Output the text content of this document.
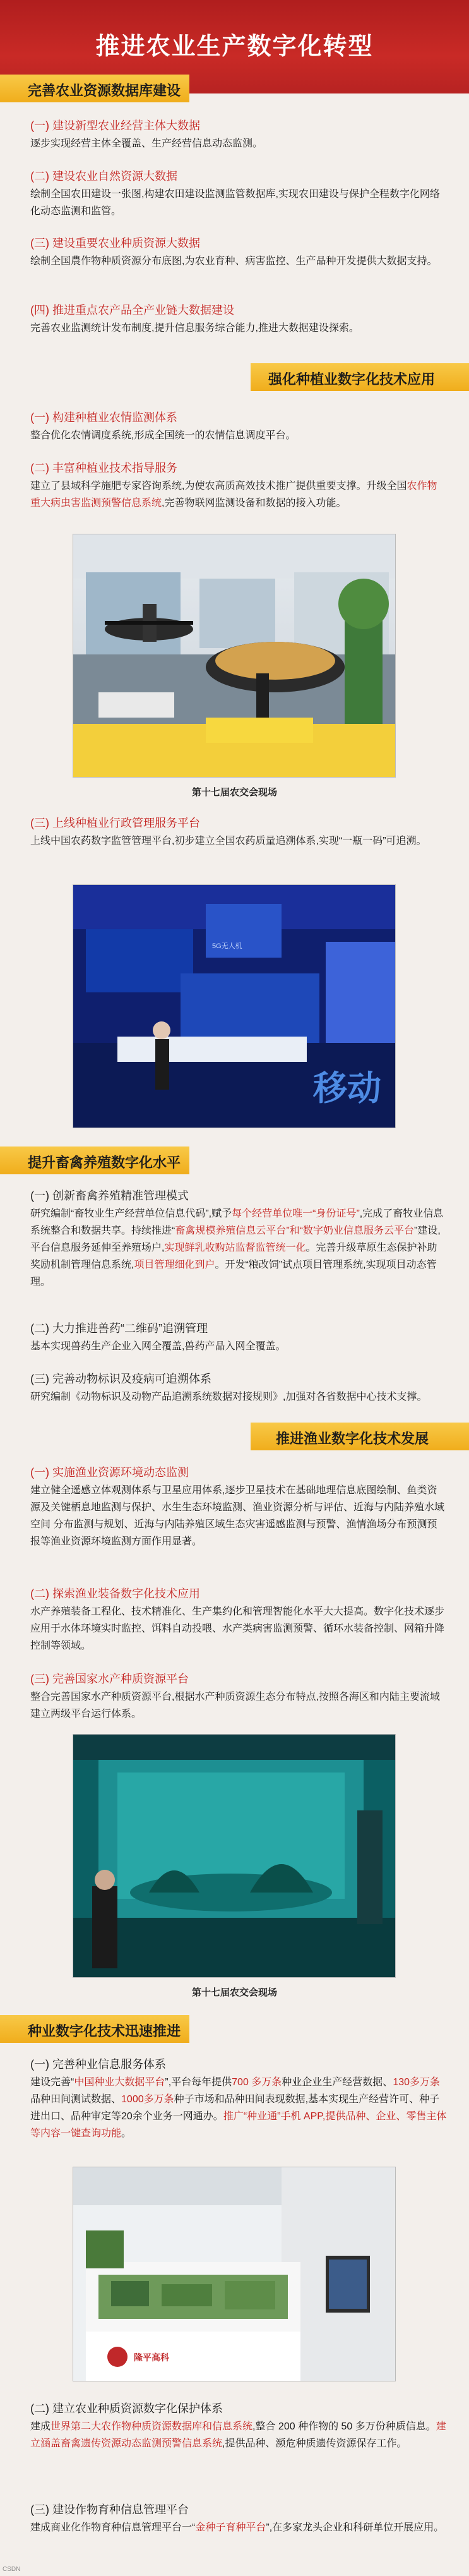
推进农业生产数字化转型
完善农业资源数据库建设
(一) 建设新型农业经营主体大数据
逐步实现经营主体全覆盖、生产经营信息动态监测。
(二) 建设农业自然资源大数据
绘制全国农田建设一张图,构建农田建设监测监管数据库,实现农田建设与保护全程数字化网络化动态监测和监管。
(三) 建设重要农业种质资源大数据
绘制全国農作物种质资源分布底图,为农业育种、病害监控、生产品种开发提供大数据支持。
(四) 推进重点农产品全产业链大数据建设
完善农业监测统计发布制度,提升信息服务综合能力,推进大数据建设探索。
强化种植业数字化技术应用
(一) 构建种植业农情监测体系
整合优化农情调度系统,形成全国统一的农情信息调度平台。
(二) 丰富种植业技术指导服务
建立了县域科学施肥专家咨询系统,为使农高质高效技术推广提供重要支撑。升级全国农作物重大病虫害监测预警信息系统,完善物联网监测设备和数据的接入功能。
第十七届农交会现场
(三) 上线种植业行政管理服务平台
上线中国农药数字监管管理平台,初步建立全国农药质量追溯体系,实现“一瓶一码”可追溯。
5G无人机
移动
提升畜禽养殖数字化水平
(一) 创新畜禽养殖精准管理模式
研究编制“畜牧业生产经营单位信息代码”,赋予每个经营单位唯一“身份证号”,完成了畜牧业信息系统整合和数据共享。持续推进“畜禽规模养殖信息云平台”和“数字奶业信息服务云平台”建设,平台信息服务延伸至养殖场户,实现鲜乳收购站监督监管统一化。完善升级草原生态保护补助奖励机制管理信息系统,项目管理细化到户。开发“粮改饲”试点项目管理系统,实现项目动态管理。
(二) 大力推进兽药“二维码”追溯管理
基本实现兽药生产企业入网全覆盖,兽药产品入网全覆盖。
(三) 完善动物标识及疫病可追溯体系
研究编制《动物标识及动物产品追溯系统数据对接规则》,加强对各省数据中心技术支撑。
推进渔业数字化技术发展
(一) 实施渔业资源环境动态监测
建立健全遥感立体观测体系与卫星应用体系,逐步卫星技术在基础地理信息底图绘制、鱼类资源及关键栖息地监测与保护、水生生态环境监测、渔业资源分析与评估、近海与内陆养殖水域空间 分布监测与规划、近海与内陆养殖区域生态灾害遥感监测与预警、渔情渔场分布预测预报等渔业资源环境监测方面作用显著。
(二) 探索渔业装备数字化技术应用
水产养殖装备工程化、技术精准化、生产集约化和管理智能化水平大大提高。数字化技术逐步应用于水体环境实时监控、饵料自动投喂、水产类病害监测预警、循环水装备控制、网箱升降控制等领域。
(三) 完善国家水产种质资源平台
整合完善国家水产种质资源平台,根据水产种质资源生态分布特点,按照各海区和内陆主要流域建立两级平台运行体系。
第十七届农交会现场
种业数字化技术迅速推进
(一) 完善种业信息服务体系
建设完善“中国种业大数据平台”,平台每年提供700 多万条种业企业生产经营数据、130多万条品种田间测试数据、1000多万条种子市场和品种田间表现数据,基本实现生产经营许可、种子进出口、品种审定等20余个业务一网通办。推广“种业通”手机 APP,提供品种、企业、零售主体等内容一键查询功能。
隆平高科
(二) 建立农业种质资源数字化保护体系
建成世界第二大农作物种质资源数据库和信息系统,整合 200 种作物的 50 多万份种质信息。建立涵盖畜禽遗传资源动态监测预警信息系统,提供品种、濒危种质遗传资源保存工作。
(三) 建设作物育种信息管理平台
建成商业化作物育种信息管理平台一“金种子育种平台”,在多家龙头企业和科研单位开展应用。
CSDN
